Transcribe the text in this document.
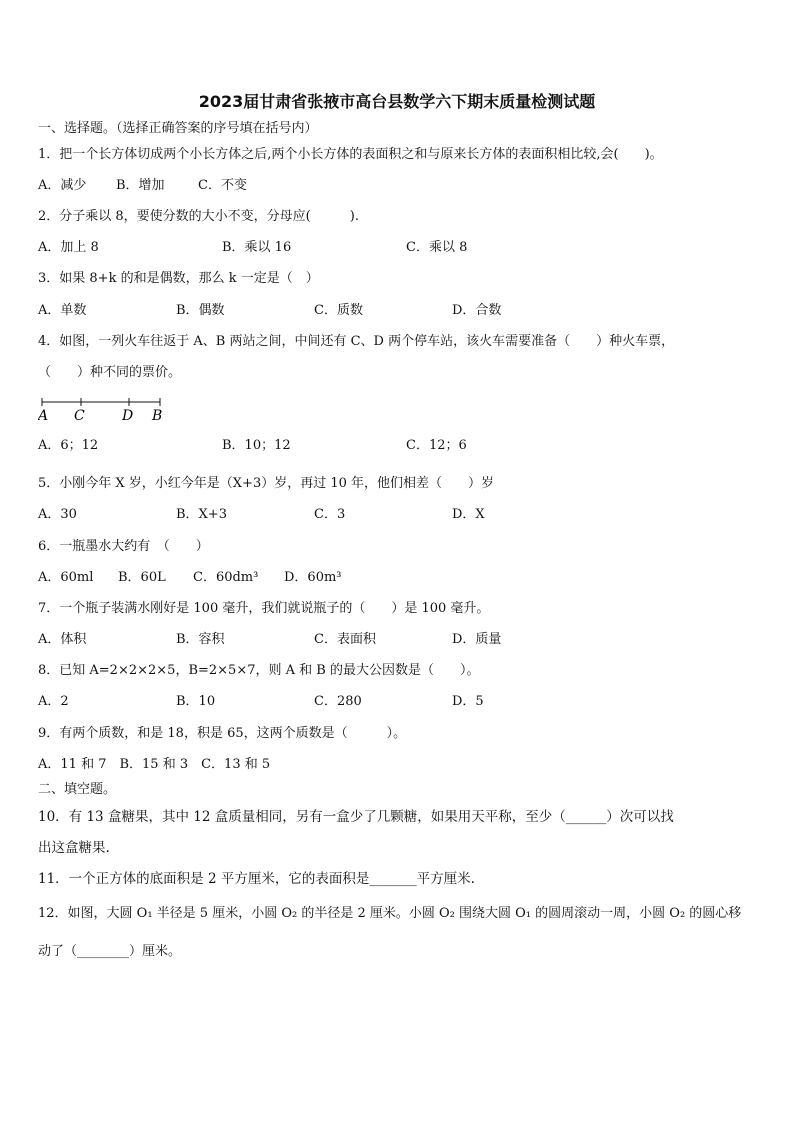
2023届甘肃省张掖市高台县数学六下期末质量检测试题
一、选择题。（选择正确答案的序号填在括号内）
1．把一个长方体切成两个小长方体之后,两个小长方体的表面积之和与原来长方体的表面积相比较,会(　　)。
A．减少 B．增加	C．不变
2．分子乘以 8，要使分数的大小不变，分母应(　　　).
A．加上 8	B．乘以 16	C．乘以 8
3．如果 8+k 的和是偶数，那么 k 一定是（　）
A．单数	B．偶数	C．质数	D．合数
4．如图，一列火车往返于 A、B 两站之间，中间还有 C、D 两个停车站，该火车需要准备（　　）种火车票，
（　　）种不同的票价。
A C	D B
A．6；12	B．10；12	C．12；6
5．小刚今年 X 岁，小红今年是（X+3）岁，再过 10 年，他们相差（　　）岁
A．30	B．X+3	C．3	D．X
6．一瓶墨水大约有　（　　）
A．60ml B．60L C．60dm³ D．60m³
7．一个瓶子装满水刚好是 100 毫升，我们就说瓶子的（　　）是 100 毫升。
A．体积	B．容积	C．表面积	D．质量
8．已知 A=2×2×2×5，B=2×5×7，则 A 和 B 的最大公因数是（　　）。
A．2	B．10	C．280	D．5
9．有两个质数，和是 18，积是 65，这两个质数是（　　　）。
A．11 和 7　B．15 和 3　C．13 和 5
二、填空题。
10．有 13 盒糖果，其中 12 盒质量相同，另有一盒少了几颗糖，如果用天平称，至少（______）次可以找
出这盒糖果.
11．一个正方体的底面积是 2 平方厘米，它的表面积是_______平方厘米.
12．如图，大圆 O₁ 半径是 5 厘米，小圆 O₂ 的半径是 2 厘米。小圆 O₂ 围绕大圆 O₁ 的圆周滚动一周，小圆 O₂ 的圆心移
动了（________）厘米。
